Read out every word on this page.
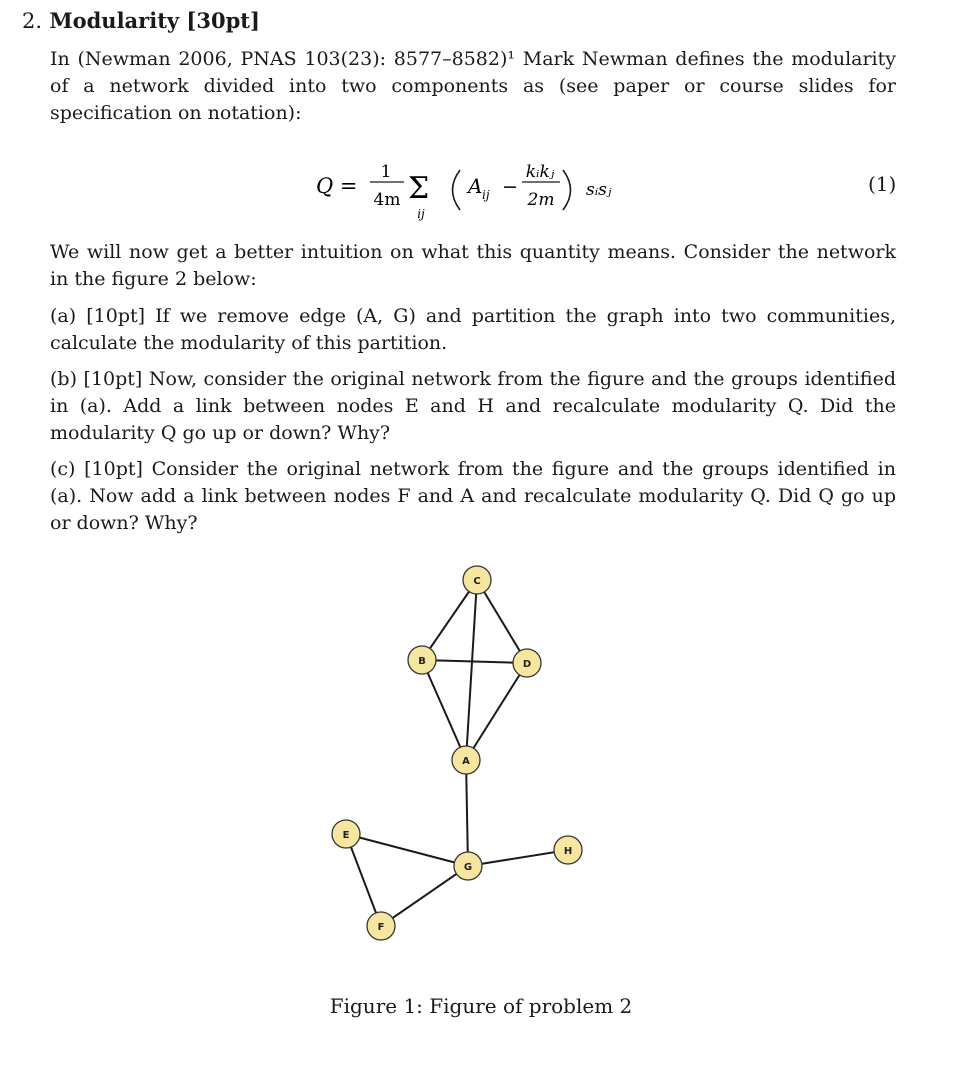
2. Modularity [30pt]

In (Newman 2006, PNAS 103(23): 8577–8582)¹ Mark Newman defines the modularity of a network divided into two components as (see paper or course slides for specification on notation):

Q =
1
4m Σ
ij
A ij −
kᵢkⱼ
2m sᵢsⱼ	(1)

We will now get a better intuition on what this quantity means. Consider the network in the figure 2 below:

(a) [10pt] If we remove edge (A, G) and partition the graph into two communities, calculate the modularity of this partition.

(b) [10pt] Now, consider the original network from the figure and the groups identified in (a). Add a link between nodes E and H and recalculate modularity Q. Did the modularity Q go up or down? Why?

(c) [10pt] Consider the original network from the figure and the groups identified in (a). Now add a link between nodes F and A and recalculate modularity Q. Did Q go up or down? Why?

C
B	D
A
E
H
G
F
Figure 1: Figure of problem 2
